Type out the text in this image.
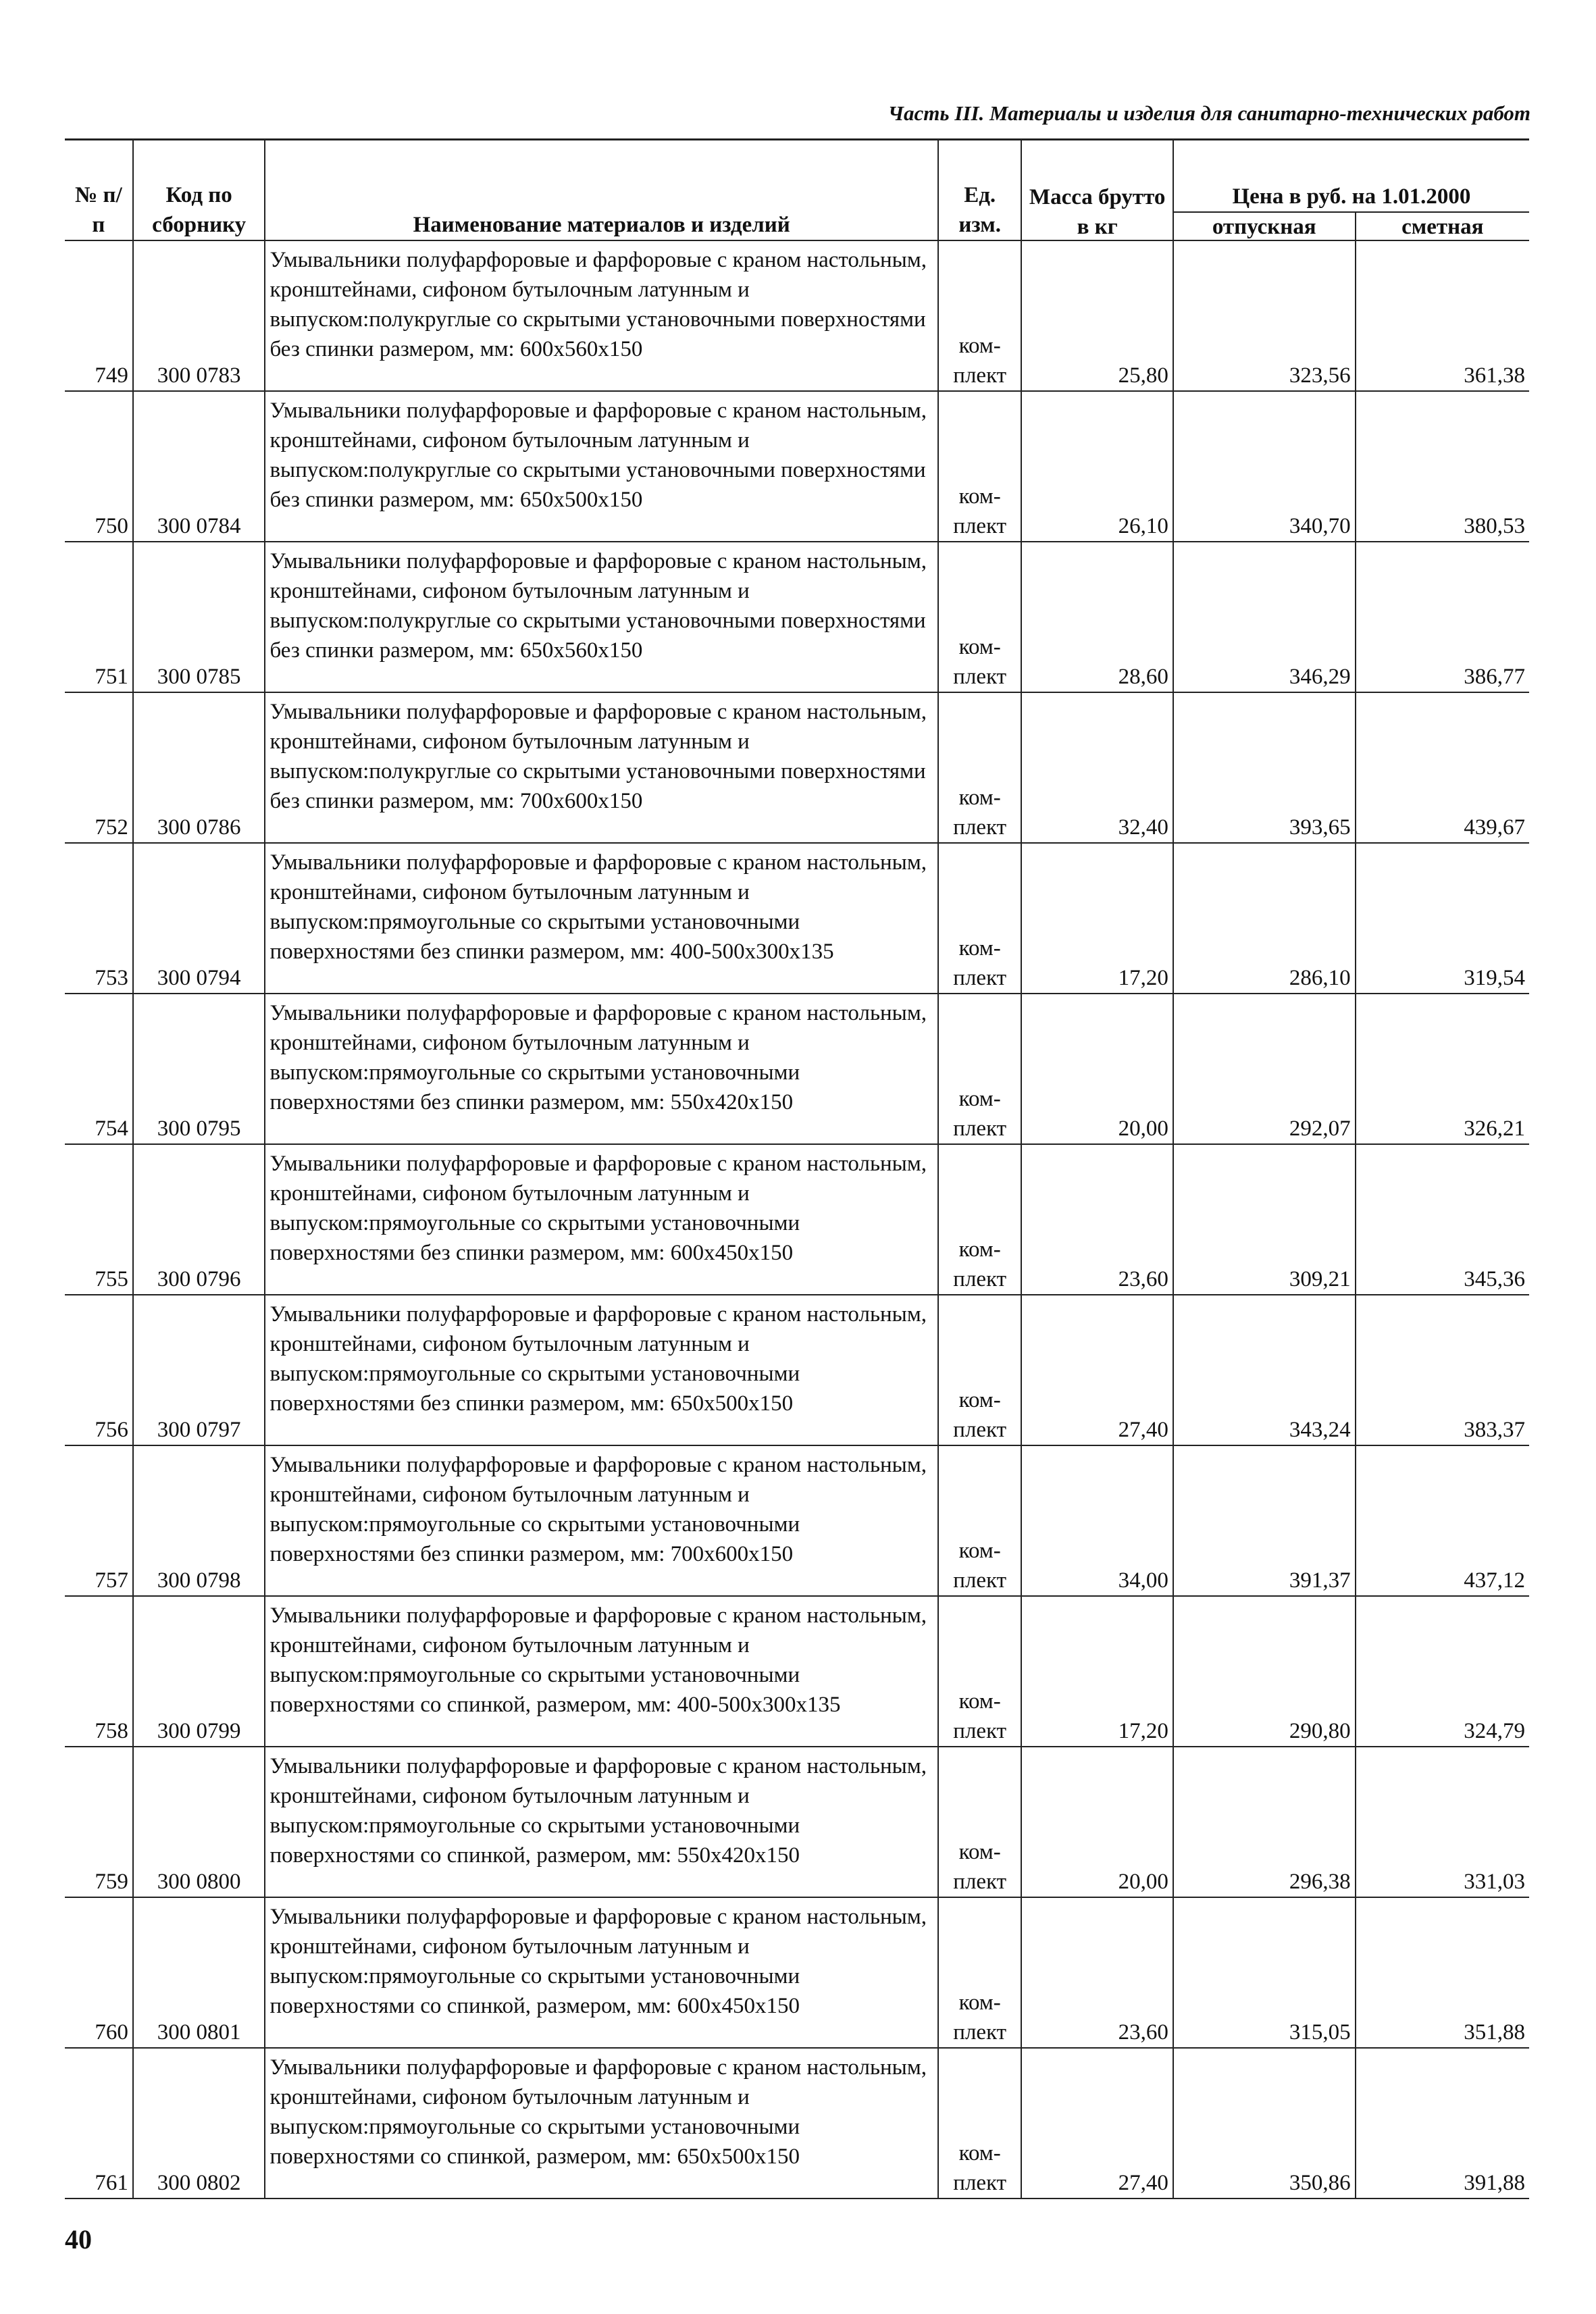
Часть III. Материалы и изделия для санитарно-технических работ
№ п/п	Код по сборнику	Наименование материалов и изделий	Ед. изм.	Масса брутто	Цена в руб. на 1.01.2000	
				в кг	отпускная	сметная
749	300 0783	Умывальники полуфарфоровые и фарфоровые с краном настольным, кронштейнами, сифоном бутылочным латунным и выпуском:полукруглые со скрытыми установочными поверхностями без спинки размером, мм: 600x560x150	ком-
плект	25,80	323,56	361,38
750	300 0784	Умывальники полуфарфоровые и фарфоровые с краном настольным, кронштейнами, сифоном бутылочным латунным и выпуском:полукруглые со скрытыми установочными поверхностями без спинки размером, мм: 650x500x150	ком-
плект	26,10	340,70	380,53
751	300 0785	Умывальники полуфарфоровые и фарфоровые с краном настольным, кронштейнами, сифоном бутылочным латунным и выпуском:полукруглые со скрытыми установочными поверхностями без спинки размером, мм: 650x560x150	ком-
плект	28,60	346,29	386,77
752	300 0786	Умывальники полуфарфоровые и фарфоровые с краном настольным, кронштейнами, сифоном бутылочным латунным и выпуском:полукруглые со скрытыми установочными поверхностями без спинки размером, мм: 700x600x150	ком-
плект	32,40	393,65	439,67
753	300 0794	Умывальники полуфарфоровые и фарфоровые с краном настольным, кронштейнами, сифоном бутылочным латунным и выпуском:прямоугольные со скрытыми установочными поверхностями без спинки размером, мм: 400-500x300x135	ком-
плект	17,20	286,10	319,54
754	300 0795	Умывальники полуфарфоровые и фарфоровые с краном настольным, кронштейнами, сифоном бутылочным латунным и выпуском:прямоугольные со скрытыми установочными поверхностями без спинки размером, мм: 550x420x150	ком-
плект	20,00	292,07	326,21
755	300 0796	Умывальники полуфарфоровые и фарфоровые с краном настольным, кронштейнами, сифоном бутылочным латунным и выпуском:прямоугольные со скрытыми установочными поверхностями без спинки размером, мм: 600x450x150	ком-
плект	23,60	309,21	345,36
756	300 0797	Умывальники полуфарфоровые и фарфоровые с краном настольным, кронштейнами, сифоном бутылочным латунным и выпуском:прямоугольные со скрытыми установочными поверхностями без спинки размером, мм: 650x500x150	ком-
плект	27,40	343,24	383,37
757	300 0798	Умывальники полуфарфоровые и фарфоровые с краном настольным, кронштейнами, сифоном бутылочным латунным и выпуском:прямоугольные со скрытыми установочными поверхностями без спинки размером, мм: 700x600x150	ком-
плект	34,00	391,37	437,12
758	300 0799	Умывальники полуфарфоровые и фарфоровые с краном настольным, кронштейнами, сифоном бутылочным латунным и выпуском:прямоугольные со скрытыми установочными поверхностями со спинкой, размером, мм: 400-500x300x135	ком-
плект	17,20	290,80	324,79
759	300 0800	Умывальники полуфарфоровые и фарфоровые с краном настольным, кронштейнами, сифоном бутылочным латунным и выпуском:прямоугольные со скрытыми установочными поверхностями со спинкой, размером, мм: 550x420x150	ком-
плект	20,00	296,38	331,03
760	300 0801	Умывальники полуфарфоровые и фарфоровые с краном настольным, кронштейнами, сифоном бутылочным латунным и выпуском:прямоугольные со скрытыми установочными поверхностями со спинкой, размером, мм: 600x450x150	ком-
плект	23,60	315,05	351,88
761	300 0802	Умывальники полуфарфоровые и фарфоровые с краном настольным, кронштейнами, сифоном бутылочным латунным и выпуском:прямоугольные со скрытыми установочными поверхностями со спинкой, размером, мм: 650x500x150	ком-
плект	27,40	350,86	391,88
40
